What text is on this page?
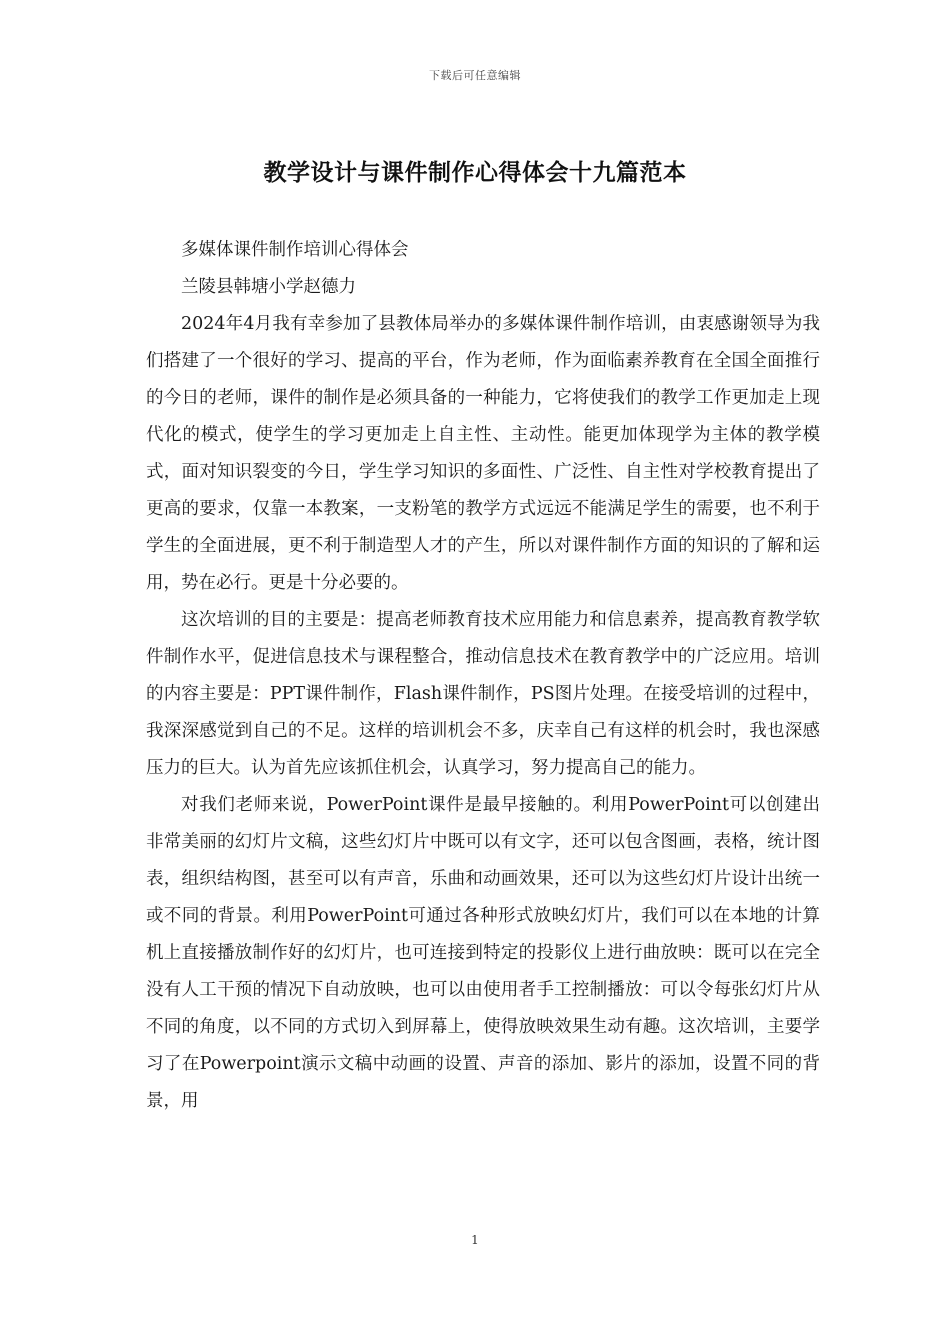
下载后可任意编辑
教学设计与课件制作心得体会十九篇范本

多媒体课件制作培训心得体会

兰陵县韩塘小学赵德力

2024年4月我有幸参加了县教体局举办的多媒体课件制作培训，由衷感谢领导为我们搭建了一个很好的学习、提高的平台，作为老师，作为面临素养教育在全国全面推行的今日的老师，课件的制作是必须具备的一种能力，它将使我们的教学工作更加走上现代化的模式，使学生的学习更加走上自主性、主动性。能更加体现学为主体的教学模式，面对知识裂变的今日，学生学习知识的多面性、广泛性、自主性对学校教育提出了更高的要求，仅靠一本教案，一支粉笔的教学方式远远不能满足学生的需要，也不利于学生的全面进展，更不利于制造型人才的产生，所以对课件制作方面的知识的了解和运用，势在必行。更是十分必要的。

这次培训的目的主要是：提高老师教育技术应用能力和信息素养，提高教育教学软件制作水平，促进信息技术与课程整合，推动信息技术在教育教学中的广泛应用。培训的内容主要是：PPT课件制作，Flash课件制作，PS图片处理。在接受培训的过程中，我深深感觉到自己的不足。这样的培训机会不多，庆幸自己有这样的机会时，我也深感压力的巨大。认为首先应该抓住机会，认真学习，努力提高自己的能力。

对我们老师来说，PowerPoint课件是最早接触的。利用PowerPoint可以创建出非常美丽的幻灯片文稿，这些幻灯片中既可以有文字，还可以包含图画，表格，统计图表，组织结构图，甚至可以有声音，乐曲和动画效果，还可以为这些幻灯片设计出统一或不同的背景。利用PowerPoint可通过各种形式放映幻灯片，我们可以在本地的计算机上直接播放制作好的幻灯片，也可连接到特定的投影仪上进行曲放映：既可以在完全没有人工干预的情况下自动放映，也可以由使用者手工控制播放：可以令每张幻灯片从不同的角度，以不同的方式切入到屏幕上，使得放映效果生动有趣。这次培训，主要学习了在Powerpoint演示文稿中动画的设置、声音的添加、影片的添加，设置不同的背景，用

1
